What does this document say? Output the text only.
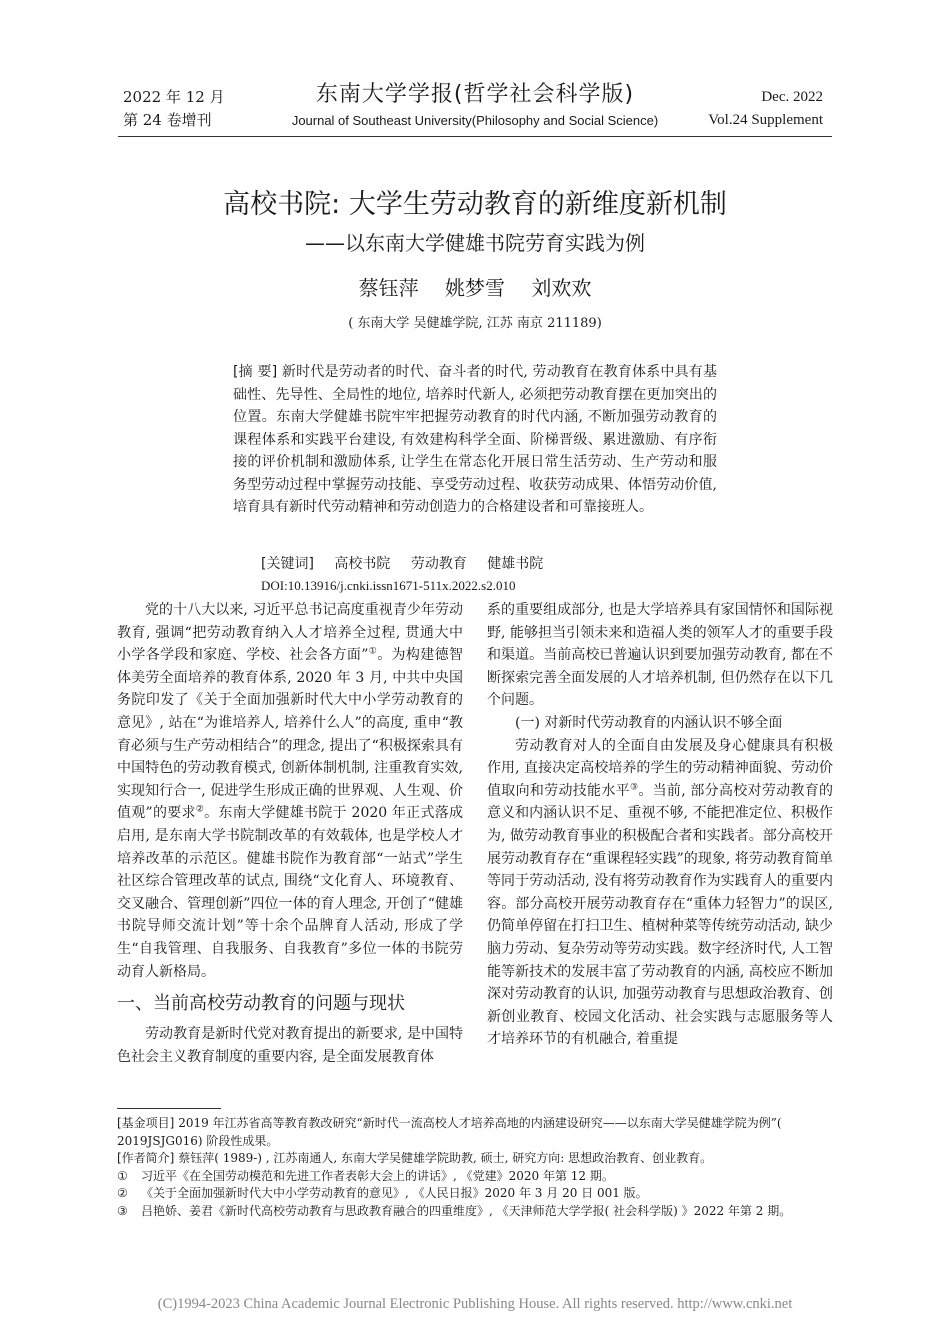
2022 年 12 月
第 24 卷增刊
东南大学学报(哲学社会科学版)
Journal of Southeast University(Philosophy and Social Science)
Dec. 2022
Vol.24 Supplement
高校书院: 大学生劳动教育的新维度新机制
——以东南大学健雄书院劳育实践为例
蔡钰萍 姚梦雪 刘欢欢
( 东南大学 吴健雄学院, 江苏 南京 211189)
[摘 要] 新时代是劳动者的时代、奋斗者的时代, 劳动教育在教育体系中具有基础性、先导性、全局性的地位, 培养时代新人, 必须把劳动教育摆在更加突出的位置。东南大学健雄书院牢牢把握劳动教育的时代内涵, 不断加强劳动教育的课程体系和实践平台建设, 有效建构科学全面、阶梯晋级、累进激励、有序衔接的评价机制和激励体系, 让学生在常态化开展日常生活劳动、生产劳动和服务型劳动过程中掌握劳动技能、享受劳动过程、收获劳动成果、体悟劳动价值, 培育具有新时代劳动精神和劳动创造力的合格建设者和可靠接班人。
[关键词] 高校书院 劳动教育 健雄书院
DOI:10.13916/j.cnki.issn1671-511x.2022.s2.010

党的十八大以来, 习近平总书记高度重视青少年劳动教育, 强调“把劳动教育纳入人才培养全过程, 贯通大中小学各学段和家庭、学校、社会各方面”①。为构建德智体美劳全面培养的教育体系, 2020 年 3 月, 中共中央国务院印发了《关于全面加强新时代大中小学劳动教育的意见》, 站在“为谁培养人, 培养什么人”的高度, 重申“教育必须与生产劳动相结合”的理念, 提出了“积极探索具有中国特色的劳动教育模式, 创新体制机制, 注重教育实效, 实现知行合一, 促进学生形成正确的世界观、人生观、价值观”的要求②。东南大学健雄书院于 2020 年正式落成启用, 是东南大学书院制改革的有效载体, 也是学校人才培养改革的示范区。健雄书院作为教育部“一站式”学生社区综合管理改革的试点, 围绕“文化育人、环境教育、交叉融合、管理创新”四位一体的育人理念, 开创了“健雄书院导师交流计划”等十余个品牌育人活动, 形成了学生“自我管理、自我服务、自我教育”多位一体的书院劳动育人新格局。

一、当前高校劳动教育的问题与现状

劳动教育是新时代党对教育提出的新要求, 是中国特色社会主义教育制度的重要内容, 是全面发展教育体

系的重要组成部分, 也是大学培养具有家国情怀和国际视野, 能够担当引领未来和造福人类的领军人才的重要手段和渠道。当前高校已普遍认识到要加强劳动教育, 都在不断探索完善全面发展的人才培养机制, 但仍然存在以下几个问题。

(一) 对新时代劳动教育的内涵认识不够全面

劳动教育对人的全面自由发展及身心健康具有积极作用, 直接决定高校培养的学生的劳动精神面貌、劳动价值取向和劳动技能水平③。当前, 部分高校对劳动教育的意义和内涵认识不足、重视不够, 不能把准定位、积极作为, 做劳动教育事业的积极配合者和实践者。部分高校开展劳动教育存在“重课程轻实践”的现象, 将劳动教育简单等同于劳动活动, 没有将劳动教育作为实践育人的重要内容。部分高校开展劳动教育存在“重体力轻智力”的误区, 仍简单停留在打扫卫生、植树种菜等传统劳动活动, 缺少脑力劳动、复杂劳动等劳动实践。数字经济时代, 人工智能等新技术的发展丰富了劳动教育的内涵, 高校应不断加深对劳动教育的认识, 加强劳动教育与思想政治教育、创新创业教育、校园文化活动、社会实践与志愿服务等人才培养环节的有机融合, 着重提

[基金项目] 2019 年江苏省高等教育教改研究“新时代一流高校人才培养高地的内涵建设研究——以东南大学吴健雄学院为例”( 2019JSJG016) 阶段性成果。
[作者简介] 蔡钰萍( 1989-) , 江苏南通人, 东南大学吴健雄学院助教, 硕士, 研究方向: 思想政治教育、创业教育。
① 习近平《在全国劳动模范和先进工作者表彰大会上的讲话》, 《党建》2020 年第 12 期。
② 《关于全面加强新时代大中小学劳动教育的意见》, 《人民日报》2020 年 3 月 20 日 001 版。
③ 吕艳娇、姜君《新时代高校劳动教育与思政教育融合的四重维度》, 《天津师范大学学报( 社会科学版) 》2022 年第 2 期。
(C)1994-2023 China Academic Journal Electronic Publishing House. All rights reserved. http://www.cnki.net
